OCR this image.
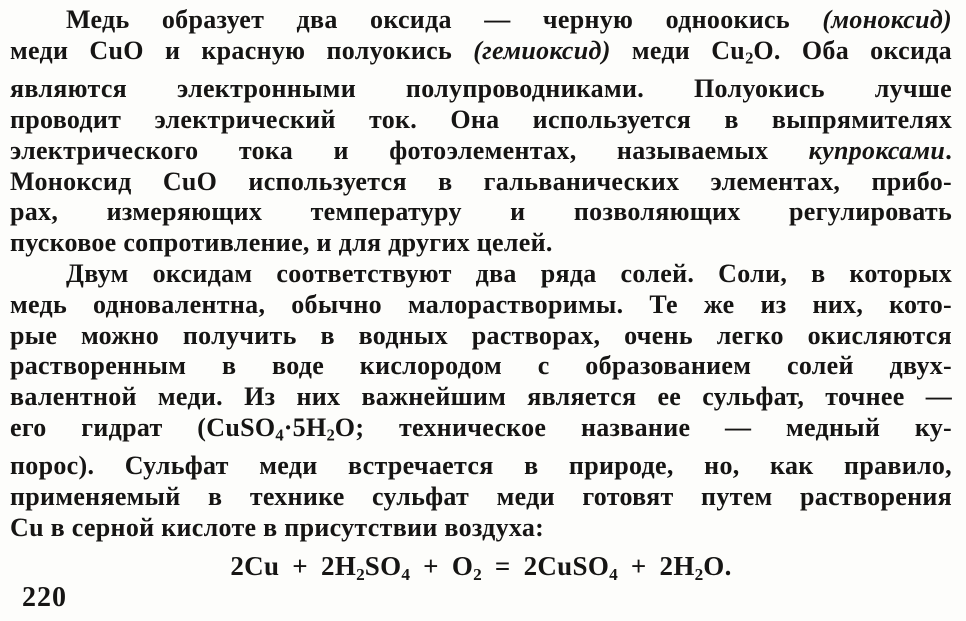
Медь образует два оксида — черную одноокись (моноксид)
меди CuO и красную полуокись (гемиоксид) меди $Cu_2O$. Оба оксида
являются электронными полупроводниками. Полуокись лучше
проводит электрический ток. Она используется в выпрямителях
электрического тока и фотоэлементах, называемых купроксами.
Моноксид CuO используется в гальванических элементах, прибо-
рах, измеряющих температуру и позволяющих регулировать
пусковое сопротивление, и для других целей.
Двум оксидам соответствуют два ряда солей. Соли, в которых
медь одновалентна, обычно малорастворимы. Те же из них, кото-
рые можно получить в водных растворах, очень легко окисляются
растворенным в воде кислородом с образованием солей двух-
валентной меди. Из них важнейшим является ее сульфат, точнее —
его гидрат ($CuSO_4\cdot 5H_2O$; техническое название — медный ку-
порос). Сульфат меди встречается в природе, но, как правило,
применяемый в технике сульфат меди готовят путем растворения
Cu в серной кислоте в присутствии воздуха:
$2Cu + 2H_2SO_4 + O_2$ = 2CuSO$_4$ + $2H_2O$.
220
